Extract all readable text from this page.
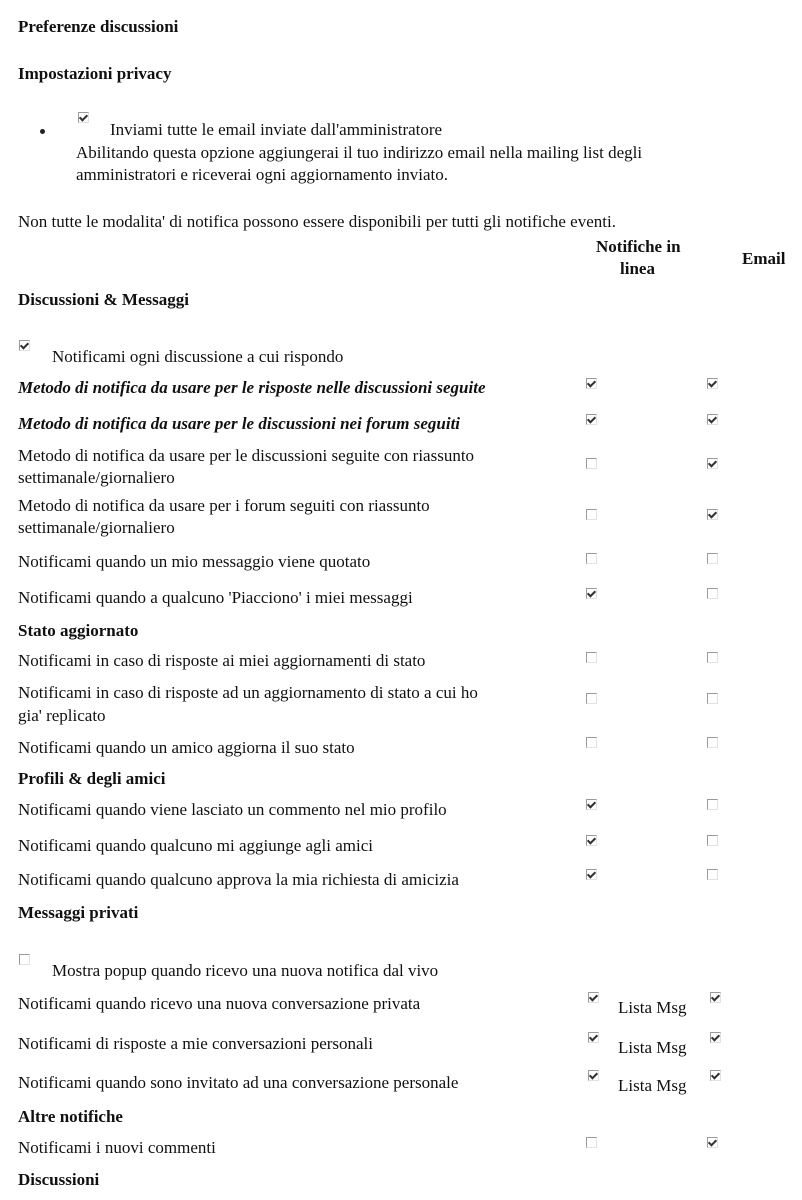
Preferenze discussioni
Impostazioni privacy
Inviami tutte le email inviate dall'amministratore
Abilitando questa opzione aggiungerai il tuo indirizzo email nella mailing list degli
amministratori e riceverai ogni aggiornamento inviato.
Non tutte le modalita' di notifica possono essere disponibili per tutti gli notifiche eventi.
Notifiche in
linea
Email
Discussioni & Messaggi
Notificami ogni discussione a cui rispondo
Metodo di notifica da usare per le risposte nelle discussioni seguite
Metodo di notifica da usare per le discussioni nei forum seguiti
Metodo di notifica da usare per le discussioni seguite con riassunto
settimanale/giornaliero
Metodo di notifica da usare per i forum seguiti con riassunto
settimanale/giornaliero
Notificami quando un mio messaggio viene quotato
Notificami quando a qualcuno 'Piacciono' i miei messaggi
Stato aggiornato
Notificami in caso di risposte ai miei aggiornamenti di stato
Notificami in caso di risposte ad un aggiornamento di stato a cui ho
gia' replicato
Notificami quando un amico aggiorna il suo stato
Profili & degli amici
Notificami quando viene lasciato un commento nel mio profilo
Notificami quando qualcuno mi aggiunge agli amici
Notificami quando qualcuno approva la mia richiesta di amicizia
Messaggi privati
Mostra popup quando ricevo una nuova notifica dal vivo
Notificami quando ricevo una nuova conversazione privata	Lista Msg
Notificami di risposte a mie conversazioni personali	Lista Msg
Notificami quando sono invitato ad una conversazione personale	Lista Msg
Altre notifiche
Notificami i nuovi commenti
Discussioni
